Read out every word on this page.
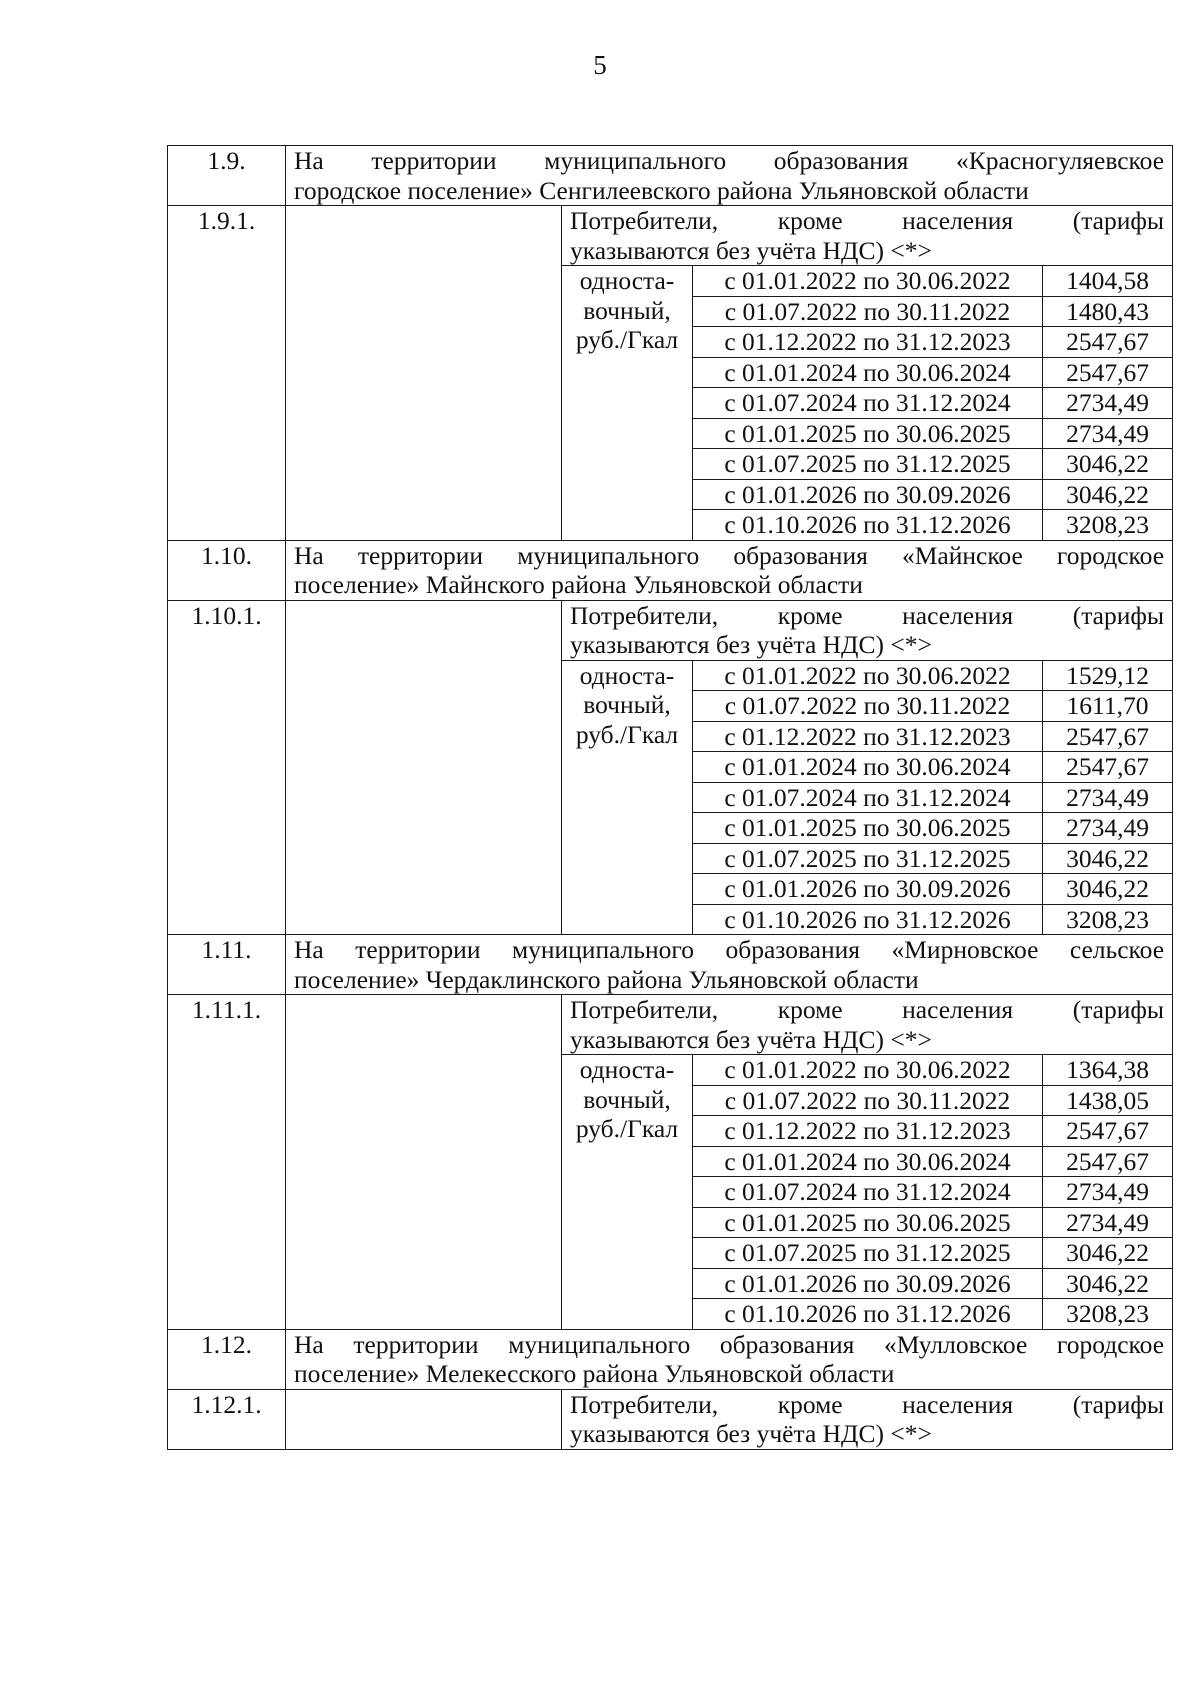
5
1.9.	На территории муниципального образования «Красногуляевское
городское поселение» Сенгилеевского района Ульяновской области			

1.9.1.		Потребители, кроме населения (тарифы
указываются без учёта НДС) <*>		

		односта-
вочный,
руб./Гкал	с 01.01.2022 по 30.06.2022	1404,58
			с 01.07.2022 по 30.11.2022	1480,43
			с 01.12.2022 по 31.12.2023	2547,67
			с 01.01.2024 по 30.06.2024	2547,67
			с 01.07.2024 по 31.12.2024	2734,49
			с 01.01.2025 по 30.06.2025	2734,49
			с 01.07.2025 по 31.12.2025	3046,22
			с 01.01.2026 по 30.09.2026	3046,22
			с 01.10.2026 по 31.12.2026	3208,23
1.10.	На территории муниципального образования «Майнское городское
поселение» Майнского района Ульяновской области			

1.10.1.		Потребители, кроме населения (тарифы
указываются без учёта НДС) <*>		

		односта-
вочный,
руб./Гкал	с 01.01.2022 по 30.06.2022	1529,12
			с 01.07.2022 по 30.11.2022	1611,70
			с 01.12.2022 по 31.12.2023	2547,67
			с 01.01.2024 по 30.06.2024	2547,67
			с 01.07.2024 по 31.12.2024	2734,49
			с 01.01.2025 по 30.06.2025	2734,49
			с 01.07.2025 по 31.12.2025	3046,22
			с 01.01.2026 по 30.09.2026	3046,22
			с 01.10.2026 по 31.12.2026	3208,23
1.11.	На территории муниципального образования «Мирновское сельское
поселение» Чердаклинского района Ульяновской области			

1.11.1.		Потребители, кроме населения (тарифы
указываются без учёта НДС) <*>		

		односта-
вочный,
руб./Гкал	с 01.01.2022 по 30.06.2022	1364,38
			с 01.07.2022 по 30.11.2022	1438,05
			с 01.12.2022 по 31.12.2023	2547,67
			с 01.01.2024 по 30.06.2024	2547,67
			с 01.07.2024 по 31.12.2024	2734,49
			с 01.01.2025 по 30.06.2025	2734,49
			с 01.07.2025 по 31.12.2025	3046,22
			с 01.01.2026 по 30.09.2026	3046,22
			с 01.10.2026 по 31.12.2026	3208,23
1.12.	На территории муниципального образования «Мулловское городское
поселение» Мелекесского района Ульяновской области			

1.12.1.		Потребители, кроме населения (тарифы
указываются без учёта НДС) <*>		
